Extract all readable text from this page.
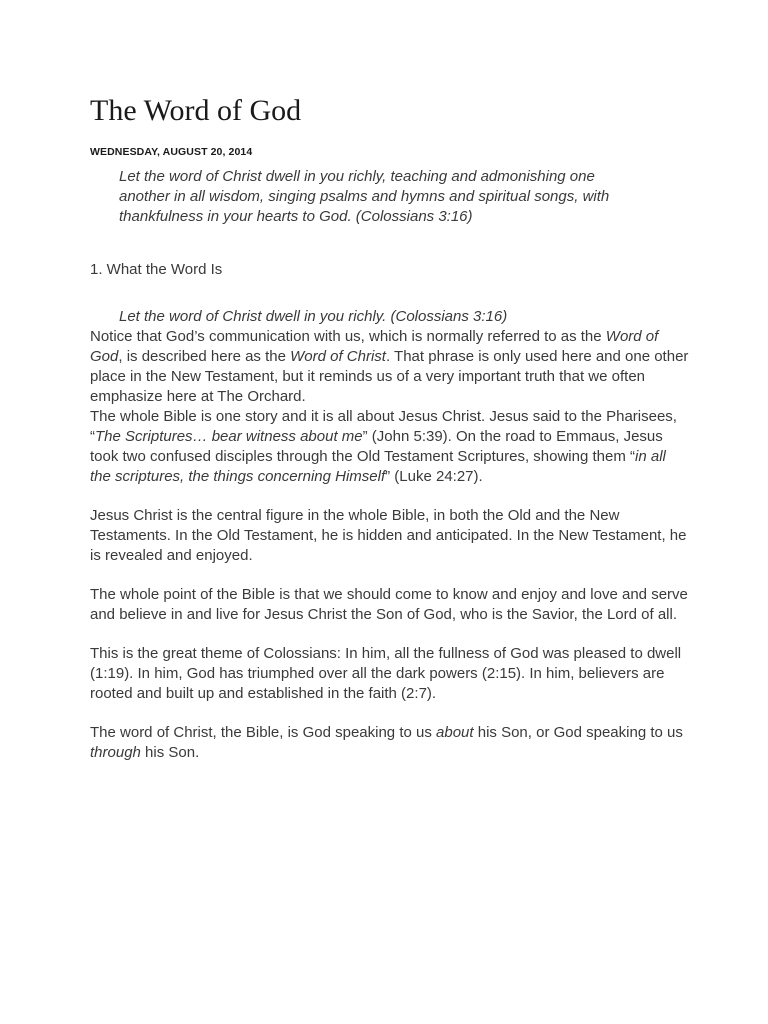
The Word of God
WEDNESDAY, AUGUST 20, 2014
Let the word of Christ dwell in you richly, teaching and admonishing one another in all wisdom, singing psalms and hymns and spiritual songs, with thankfulness in your hearts to God. (Colossians 3:16)
1. What the Word Is
Let the word of Christ dwell in you richly. (Colossians 3:16)

Notice that God’s communication with us, which is normally referred to as the Word of God, is described here as the Word of Christ. That phrase is only used here and one other place in the New Testament, but it reminds us of a very important truth that we often emphasize here at The Orchard.

The whole Bible is one story and it is all about Jesus Christ. Jesus said to the Pharisees, “The Scriptures… bear witness about me” (John 5:39). On the road to Emmaus, Jesus took two confused disciples through the Old Testament Scriptures, showing them “in all the scriptures, the things concerning Himself” (Luke 24:27).

Jesus Christ is the central figure in the whole Bible, in both the Old and the New Testaments. In the Old Testament, he is hidden and anticipated. In the New Testament, he is revealed and enjoyed.

The whole point of the Bible is that we should come to know and enjoy and love and serve and believe in and live for Jesus Christ the Son of God, who is the Savior, the Lord of all.

This is the great theme of Colossians: In him, all the fullness of God was pleased to dwell (1:19). In him, God has triumphed over all the dark powers (2:15). In him, believers are rooted and built up and established in the faith (2:7).

The word of Christ, the Bible, is God speaking to us about his Son, or God speaking to us through his Son.
